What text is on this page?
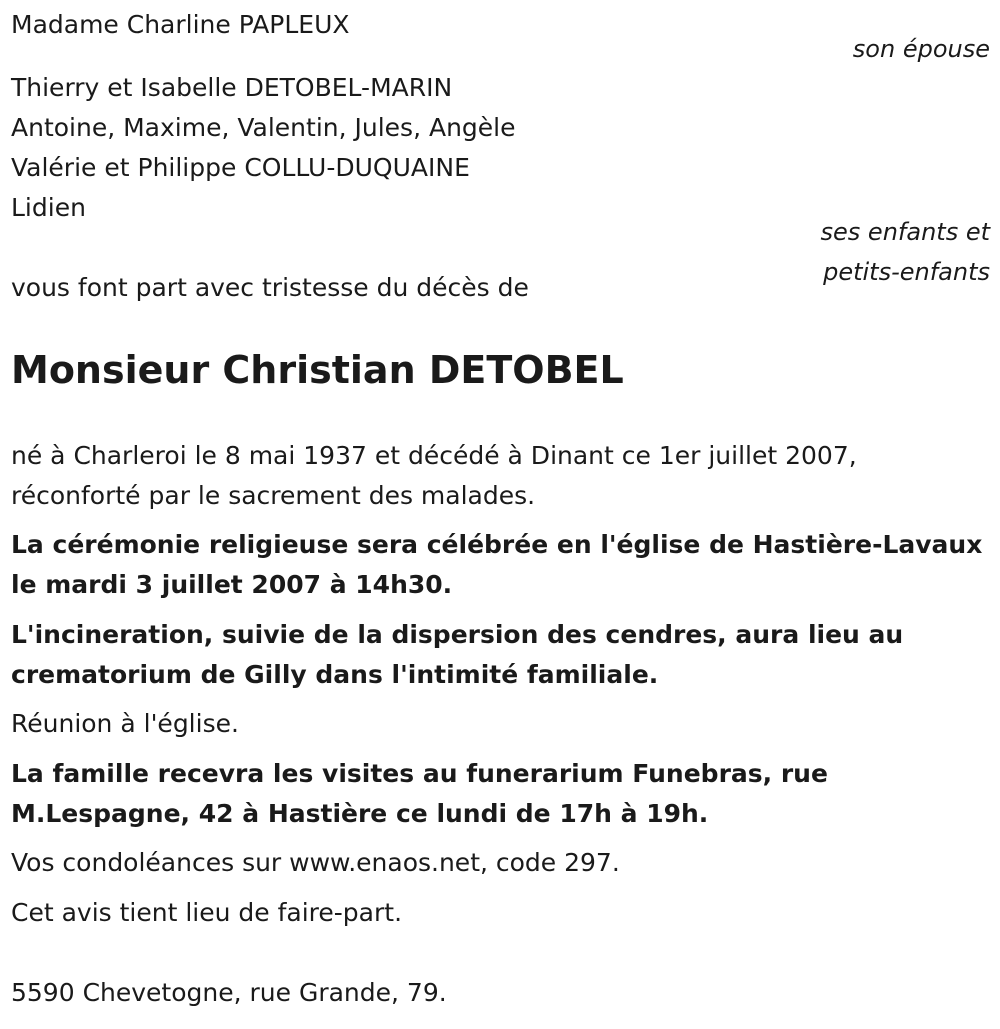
Madame Charline PAPLEUX

son épouse

Thierry et Isabelle DETOBEL-MARIN

Antoine, Maxime, Valentin, Jules, Angèle

Valérie et Philippe COLLU-DUQUAINE

Lidien

ses enfants et

petits-enfants

vous font part avec tristesse du décès de

Monsieur Christian DETOBEL

né à Charleroi le 8 mai 1937 et décédé à Dinant ce 1er juillet 2007,

réconforté par le sacrement des malades.

La cérémonie religieuse sera célébrée en l'église de Hastière-Lavaux

le mardi 3 juillet 2007 à 14h30.

L'incineration, suivie de la dispersion des cendres, aura lieu au

crematorium de Gilly dans l'intimité familiale.

Réunion à l'église.

La famille recevra les visites au funerarium Funebras, rue

M.Lespagne, 42 à Hastière ce lundi de 17h à 19h.

Vos condoléances sur www.enaos.net, code 297.

Cet avis tient lieu de faire-part.

5590 Chevetogne, rue Grande, 79.
